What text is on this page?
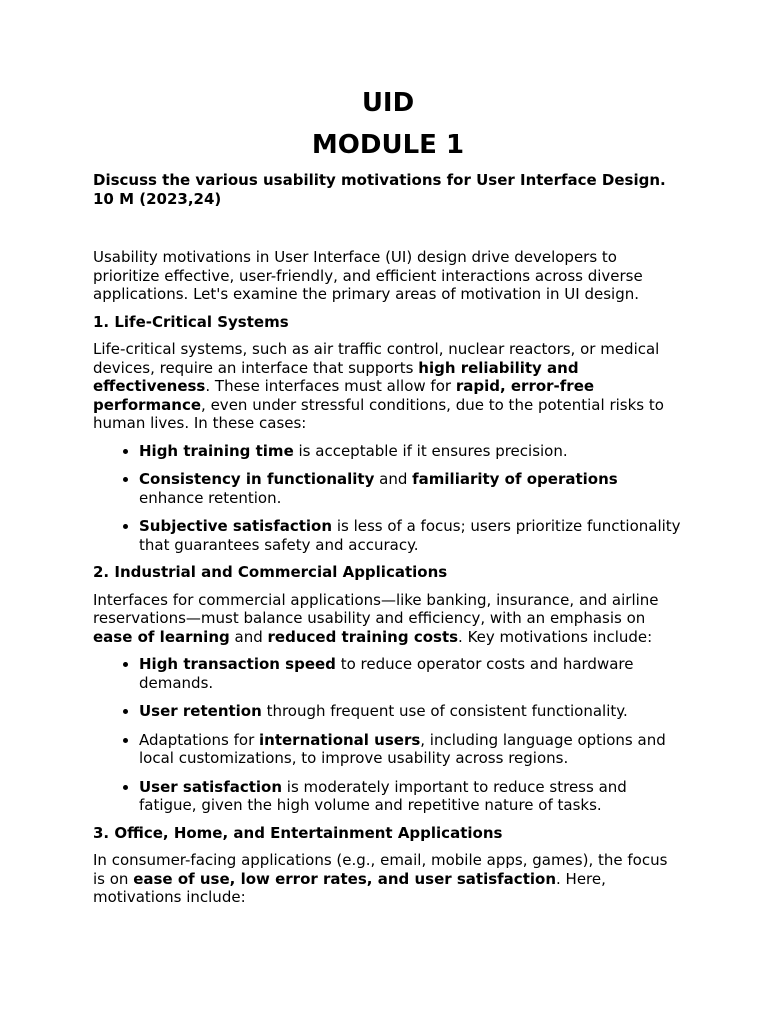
UID
MODULE 1
Discuss the various usability motivations for User Interface Design. 10 M (2023,24)

Usability motivations in User Interface (UI) design drive developers to prioritize effective, user-friendly, and efficient interactions across diverse applications. Let's examine the primary areas of motivation in UI design.

1. Life-Critical Systems

Life-critical systems, such as air traffic control, nuclear reactors, or medical devices, require an interface that supports high reliability and effectiveness. These interfaces must allow for rapid, error-free performance, even under stressful conditions, due to the potential risks to human lives. In these cases:

• High training time is acceptable if it ensures precision.
• Consistency in functionality and familiarity of operations enhance retention.
• Subjective satisfaction is less of a focus; users prioritize functionality that guarantees safety and accuracy.
2. Industrial and Commercial Applications

Interfaces for commercial applications—like banking, insurance, and airline reservations—must balance usability and efficiency, with an emphasis on ease of learning and reduced training costs. Key motivations include:

• High transaction speed to reduce operator costs and hardware demands.
• User retention through frequent use of consistent functionality.
• Adaptations for international users, including language options and local customizations, to improve usability across regions.
• User satisfaction is moderately important to reduce stress and fatigue, given the high volume and repetitive nature of tasks.
3. Office, Home, and Entertainment Applications

In consumer-facing applications (e.g., email, mobile apps, games), the focus is on ease of use, low error rates, and user satisfaction. Here, motivations include:
